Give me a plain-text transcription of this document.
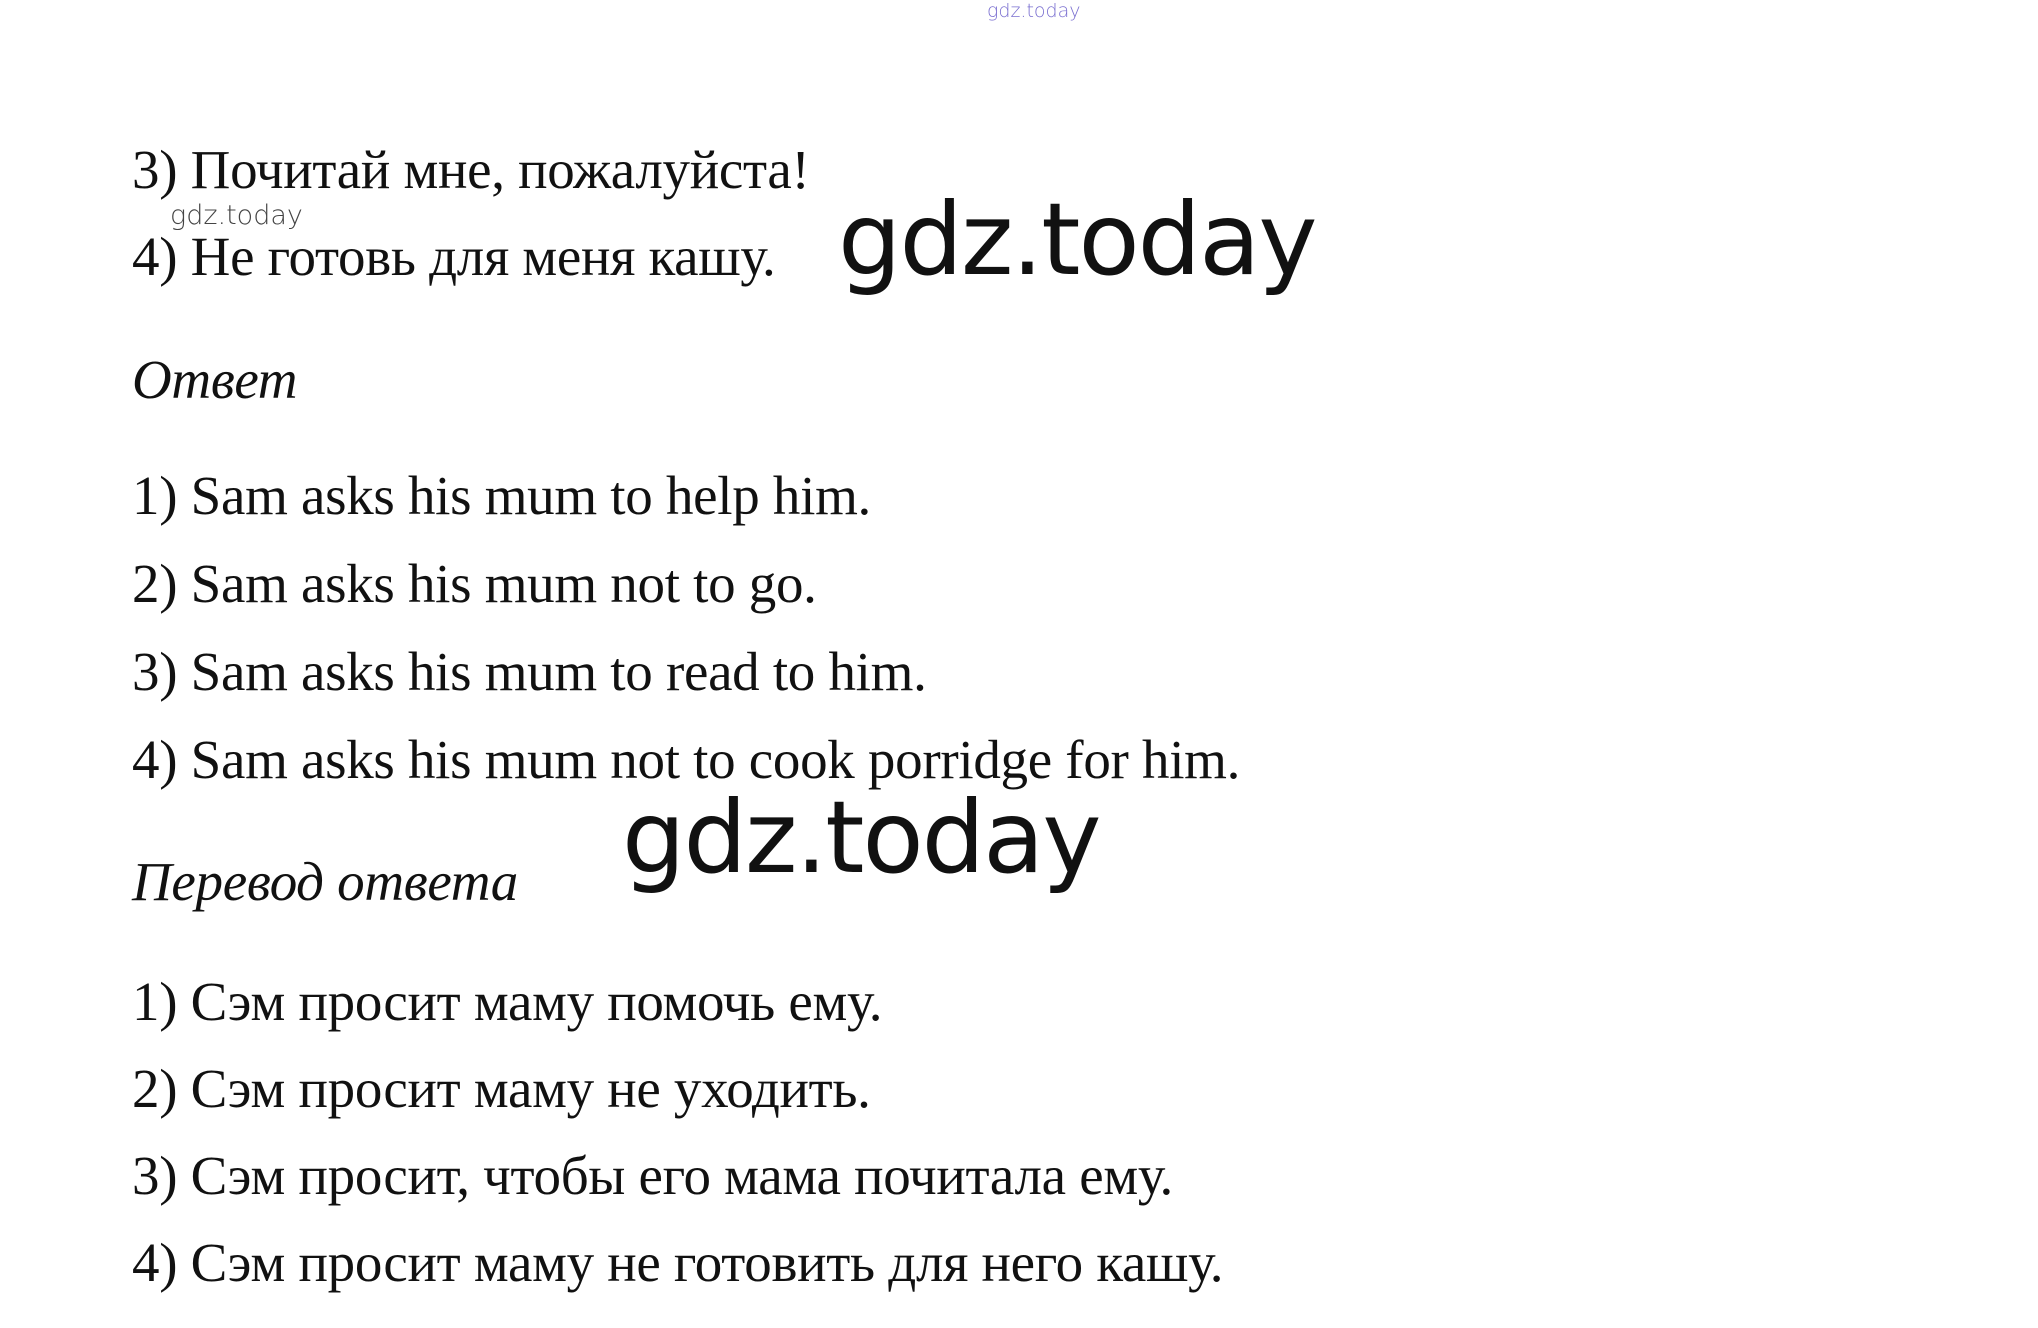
gdz.today
3) Почитай мне, пожалуйста!
gdz.today
4) Не готовь для меня кашу. gdz.today
Ответ
1) Sam asks his mum to help him.
2) Sam asks his mum not to go.
3) Sam asks his mum to read to him.
4) Sam asks his mum not to cook porridge for him.
gdz.today
Перевод ответа
1) Сэм просит маму помочь ему.
2) Сэм просит маму не уходить.
3) Сэм просит, чтобы его мама почитала ему.
4) Сэм просит маму не готовить для него кашу.
